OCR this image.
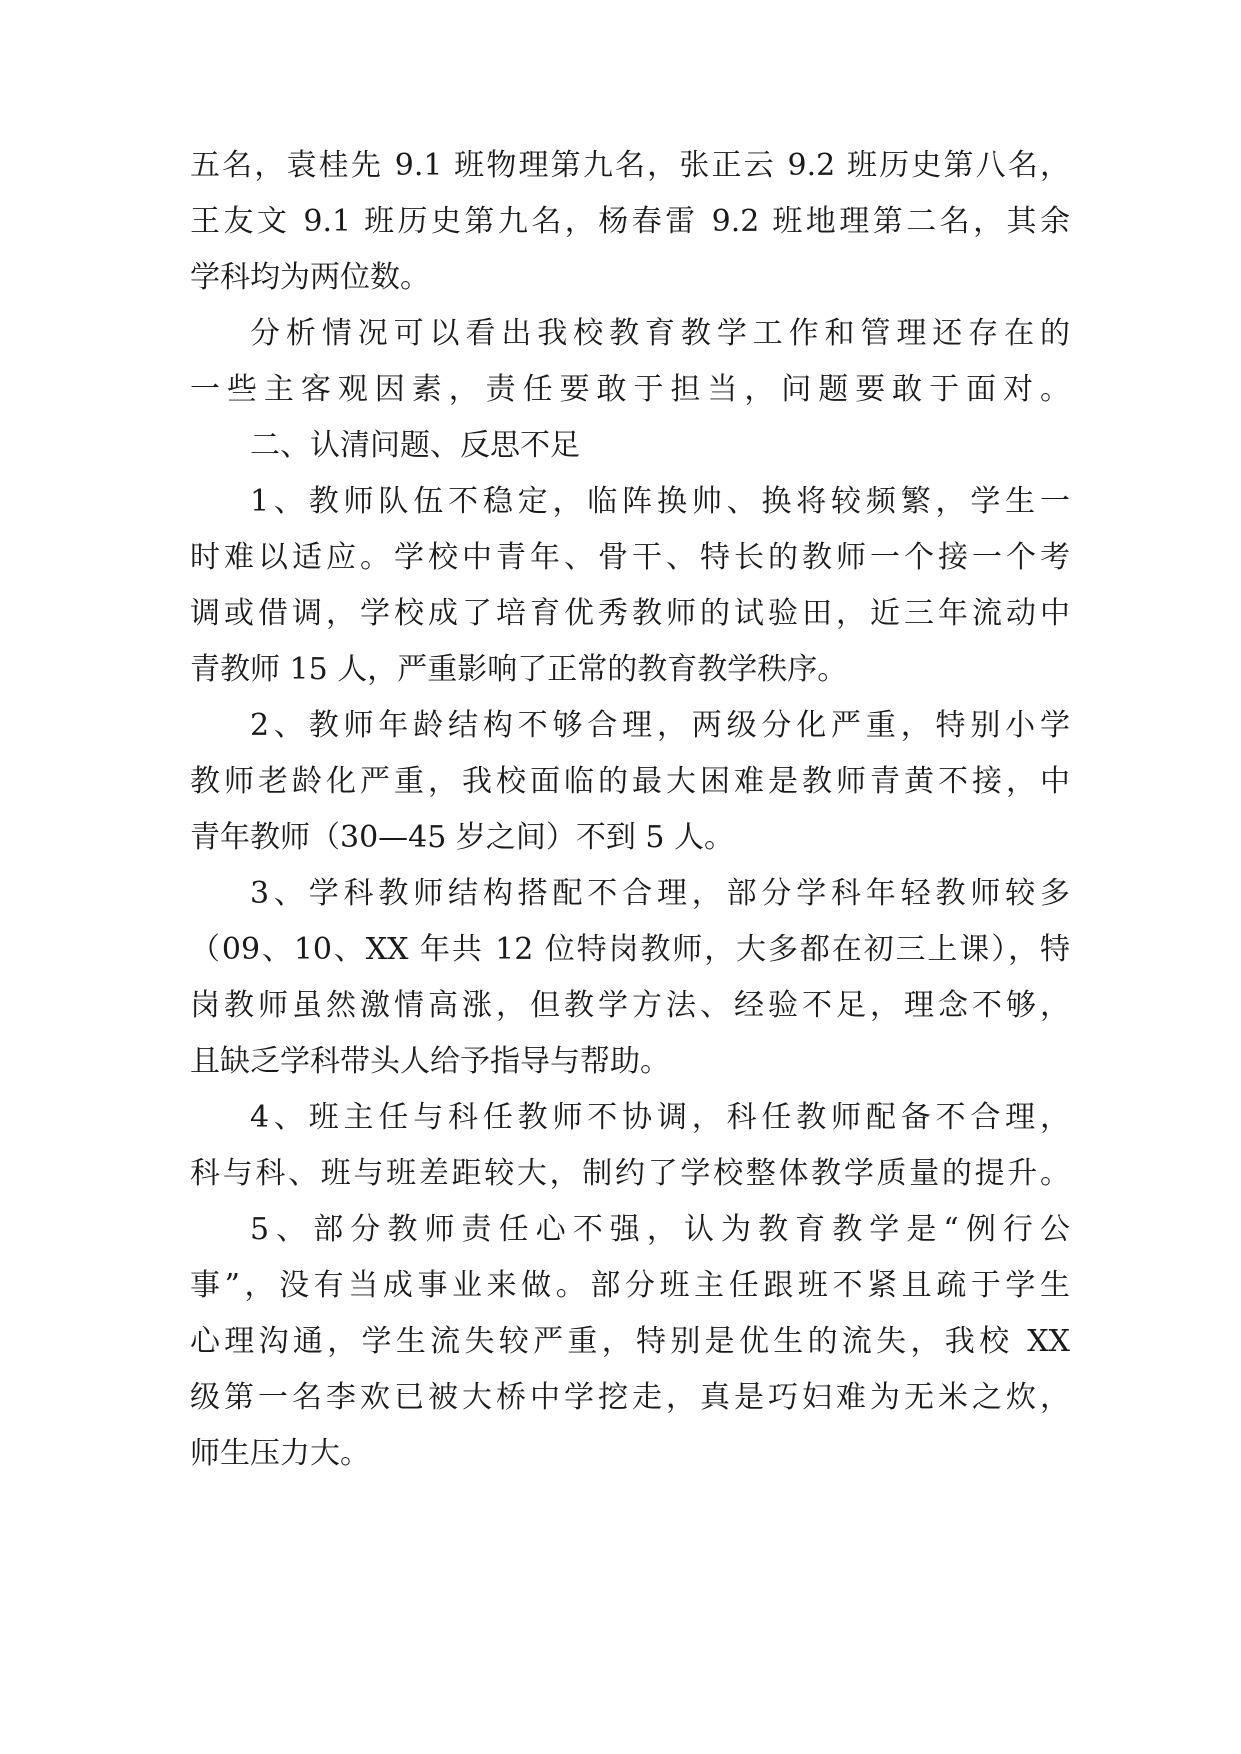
五名，袁桂先 9.1 班物理第九名，张正云 9.2 班历史第八名，
王友文 9.1 班历史第九名，杨春雷 9.2 班地理第二名，其余
学科均为两位数。
分析情况可以看出我校教育教学工作和管理还存在的
一些主客观因素，责任要敢于担当，问题要敢于面对。
二、认清问题、反思不足
1、教师队伍不稳定，临阵换帅、换将较频繁，学生一
时难以适应。学校中青年、骨干、特长的教师一个接一个考
调或借调，学校成了培育优秀教师的试验田，近三年流动中
青教师 15 人，严重影响了正常的教育教学秩序。
2、教师年龄结构不够合理，两级分化严重，特别小学
教师老龄化严重，我校面临的最大困难是教师青黄不接，中
青年教师（30—45 岁之间）不到 5 人。
3、学科教师结构搭配不合理，部分学科年轻教师较多
（09、10、XX 年共 12 位特岗教师，大多都在初三上课），特
岗教师虽然激情高涨，但教学方法、经验不足，理念不够，
且缺乏学科带头人给予指导与帮助。
4、班主任与科任教师不协调，科任教师配备不合理，
科与科、班与班差距较大，制约了学校整体教学质量的提升。
5、部分教师责任心不强，认为教育教学是“例行公
事”，没有当成事业来做。部分班主任跟班不紧且疏于学生
心理沟通，学生流失较严重，特别是优生的流失，我校 XX
级第一名李欢已被大桥中学挖走，真是巧妇难为无米之炊，
师生压力大。
